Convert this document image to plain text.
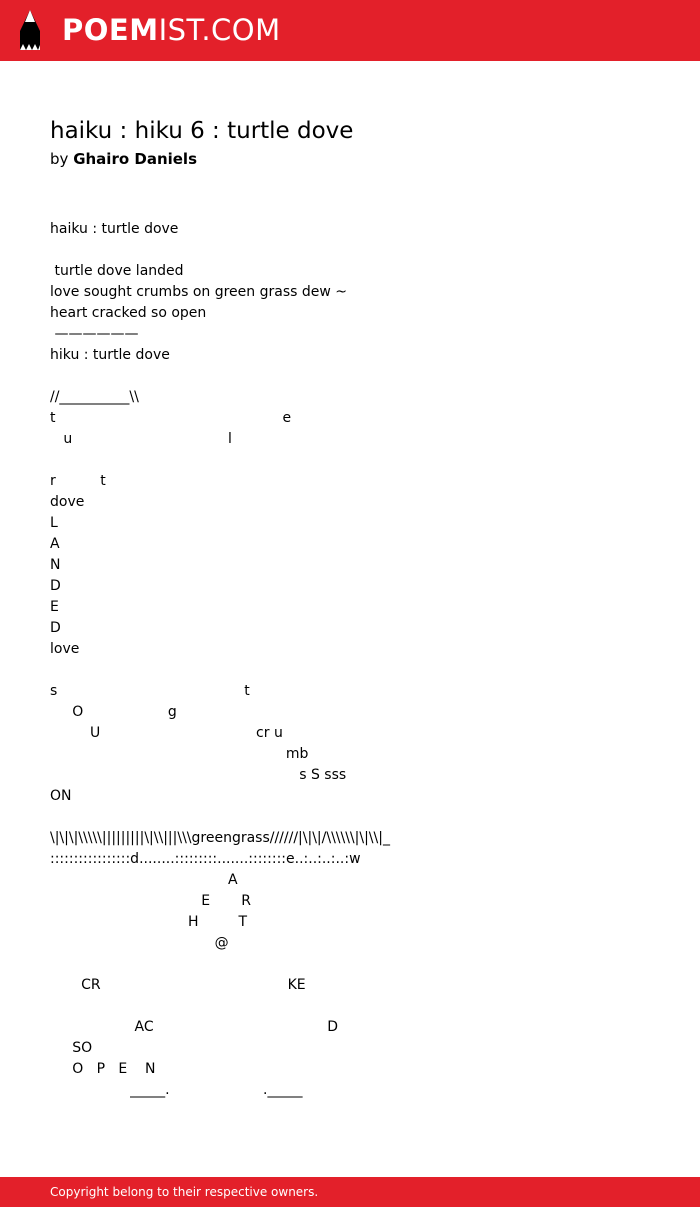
POEMIST.COM
haiku : hiku 6 : turtle dove
by Ghairo Daniels
haiku : turtle dove

turtle dove landed
love sought crumbs on green grass dew ~
heart cracked so open
——————
hiku : turtle dove

//__________\\
t                                                   e
u                                   l

r          t
dove
L
A
N
D
E
D
love

s                                          t
O                   g
U                                   cr u
mb
s S sss
ON

\|\|\|\\\\\|||||||||\|\\|||\\\greengrass//////|\|\|/\\\\\\|\|\\|_
:::::::::::::::::d........:::::::::.......::::::::e..:..:..:..:w
A
E       R
H         T
@

CR                                          KE

AC                                       D
SO
O   P   E    N
_____.                     ._____
Copyright belong to their respective owners.
